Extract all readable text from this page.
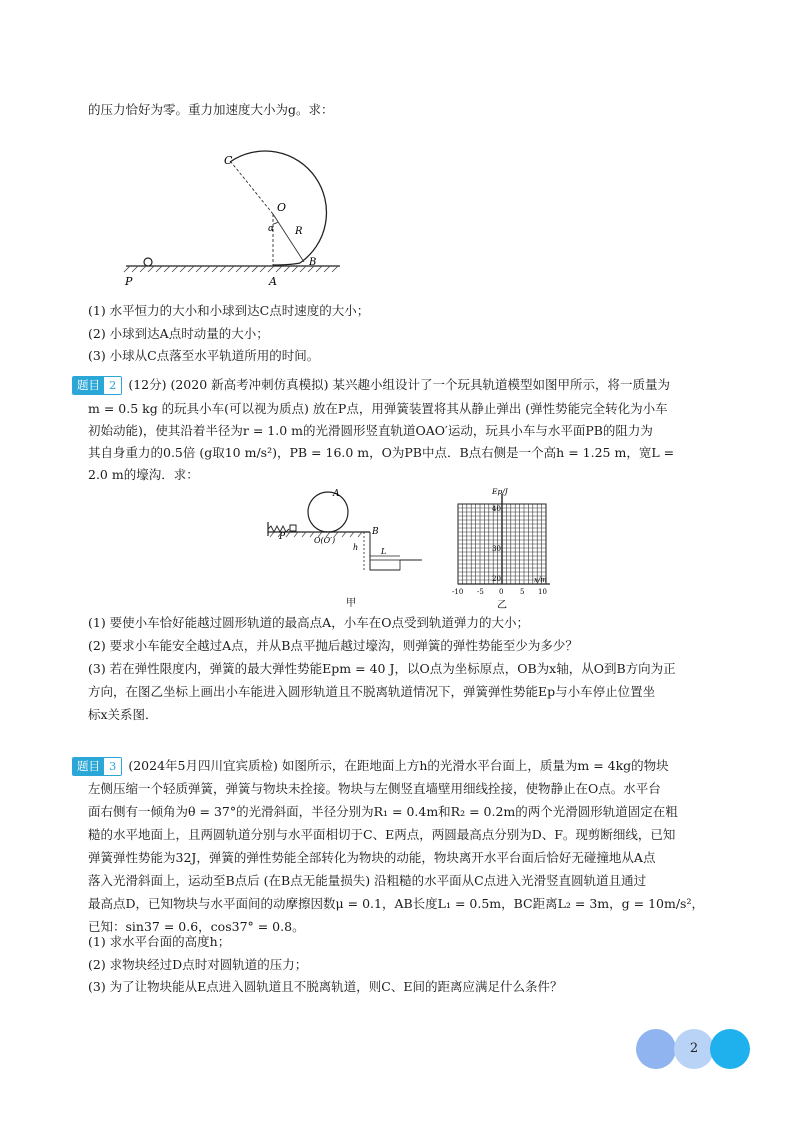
的压力恰好为零。重力加速度大小为g。求：
C
O
α R
B
P	A
(1) 水平恒力的大小和小球到达C点时速度的大小；
(2) 小球到达A点时动量的大小；
(3) 小球从C点落至水平轨道所用的时间。
题目 2 (12分) (2020 新高考冲刺仿真模拟) 某兴趣小组设计了一个玩具轨道模型如图甲所示，将一质量为
m = 0.5 kg 的玩具小车(可以视为质点) 放在P点，用弹簧装置将其从静止弹出 (弹性势能完全转化为小车
初始动能)，使其沿着半径为r = 1.0 m的光滑圆形竖直轨道OAO′运动，玩具小车与水平面PB的阻力为
其自身重力的0.5倍 (g取10 m/s²)，PB = 16.0 m，O为PB中点．B点右侧是一个高h = 1.25 m，宽L =
2.0 m的壕沟．求：
P
A
O(O′)
B
h	L
甲
Ep/J
40
30
20	x/m
-10 -5 0 5 10
乙
(1) 要使小车恰好能越过圆形轨道的最高点A，小车在O点受到轨道弹力的大小；
(2) 要求小车能安全越过A点，并从B点平抛后越过壕沟，则弹簧的弹性势能至少为多少？
(3) 若在弹性限度内，弹簧的最大弹性势能Epm = 40 J，以O点为坐标原点，OB为x轴，从O到B方向为正
方向，在图乙坐标上画出小车能进入圆形轨道且不脱离轨道情况下，弹簧弹性势能Ep与小车停止位置坐
标x关系图．
题目 3 (2024年5月四川宜宾质检) 如图所示，在距地面上方h的光滑水平台面上，质量为m = 4kg的物块
左侧压缩一个轻质弹簧，弹簧与物块未拴接。物块与左侧竖直墙壁用细线拴接，使物静止在O点。水平台
面右侧有一倾角为θ = 37°的光滑斜面，半径分别为R₁ = 0.4m和R₂ = 0.2m的两个光滑圆形轨道固定在粗
糙的水平地面上，且两圆轨道分别与水平面相切于C、E两点，两圆最高点分别为D、F。现剪断细线，已知
弹簧弹性势能为32J，弹簧的弹性势能全部转化为物块的动能，物块离开水平台面后恰好无碰撞地从A点
落入光滑斜面上，运动至B点后 (在B点无能量损失) 沿粗糙的水平面从C点进入光滑竖直圆轨道且通过
最高点D，已知物块与水平面间的动摩擦因数μ = 0.1，AB长度L₁ = 0.5m，BC距离L₂ = 3m，g = 10m/s²，
已知：sin37 = 0.6，cos37° = 0.8。
(1) 求水平台面的高度h；
(2) 求物块经过D点时对圆轨道的压力；
(3) 为了让物块能从E点进入圆轨道且不脱离轨道，则C、E间的距离应满足什么条件？
2
